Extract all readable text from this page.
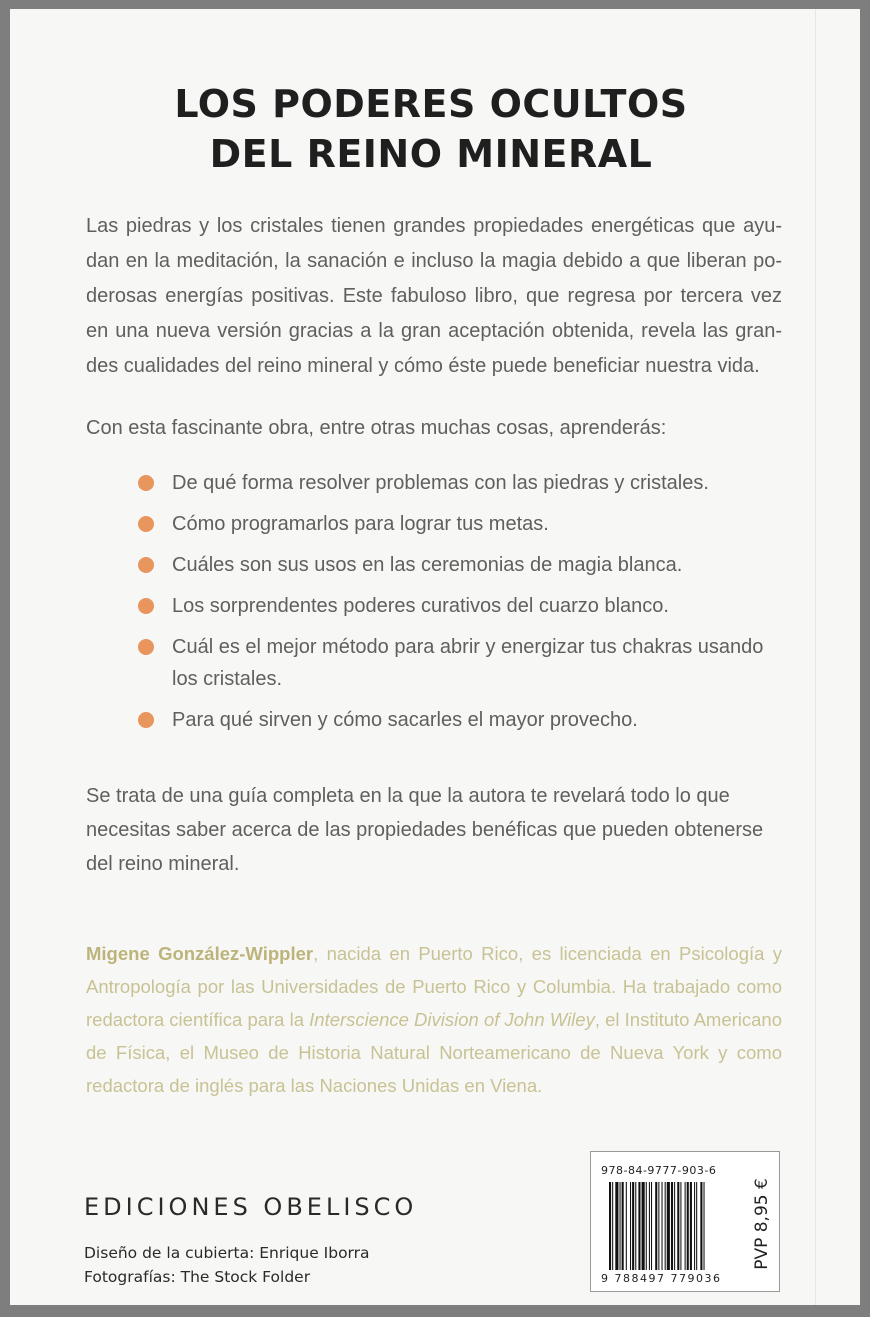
LOS PODERES OCULTOS
DEL REINO MINERAL
Las piedras y los cristales tienen grandes propiedades energéticas que ayudan en la meditación, la sanación e incluso la magia debido a que liberan poderosas energías positivas. Este fabuloso libro, que regresa por tercera vez en una nueva versión gracias a la gran aceptación obtenida, revela las grandes cualidades del reino mineral y cómo éste puede beneficiar nuestra vida.
Con esta fascinante obra, entre otras muchas cosas, aprenderás:
De qué forma resolver problemas con las piedras y cristales.
Cómo programarlos para lograr tus metas.
Cuáles son sus usos en las ceremonias de magia blanca.
Los sorprendentes poderes curativos del cuarzo blanco.
Cuál es el mejor método para abrir y energizar tus chakras usando los cristales.
Para qué sirven y cómo sacarles el mayor provecho.
Se trata de una guía completa en la que la autora te revelará todo lo que necesitas saber acerca de las propiedades benéficas que pueden obtenerse del reino mineral.
Migene González-Wippler, nacida en Puerto Rico, es licenciada en Psicología y Antropología por las Universidades de Puerto Rico y Columbia. Ha trabajado como redactora científica para la Interscience Division of John Wiley, el Instituto Americano de Física, el Museo de Historia Natural Norteamericano de Nueva York y como redactora de inglés para las Naciones Unidas en Viena.
EDICIONES OBELISCO
Diseño de la cubierta: Enrique Iborra
Fotografías: The Stock Folder
978-84-9777-903-6
9 788497 779036
PVP 8,95 €
